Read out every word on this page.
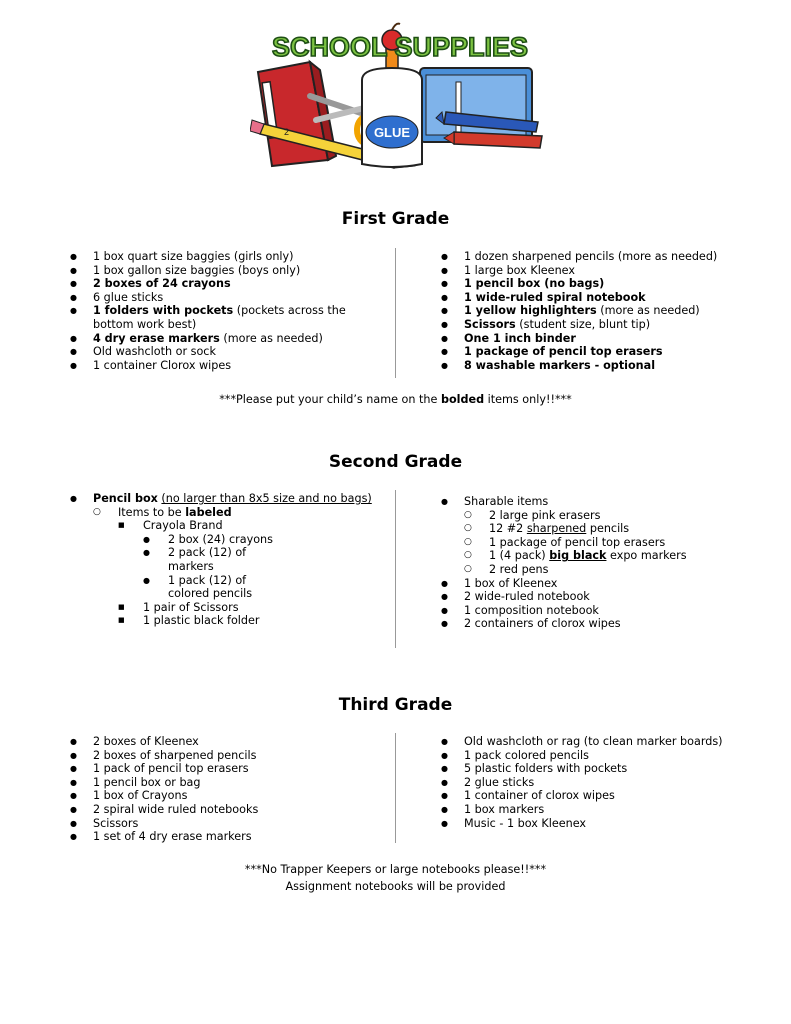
2	GLUE
SCHOOL SUPPLIES
First Grade
● 1 box quart size baggies (girls only)
● 1 box gallon size baggies (boys only)
● 2 boxes of 24 crayons
● 6 glue sticks
● 1 folders with pockets (pockets across the bottom work best)
● 4 dry erase markers (more as needed)
● Old washcloth or sock
● 1 container Clorox wipes
● 1 dozen sharpened pencils (more as needed)
● 1 large box Kleenex
● 1 pencil box (no bags)
● 1 wide-ruled spiral notebook
● 1 yellow highlighters (more as needed)
● Scissors (student size, blunt tip)
● One 1 inch binder
● 1 package of pencil top erasers
● 8 washable markers - optional
***Please put your child’s name on the bolded items only!!***
Second Grade
● Pencil box (no larger than 8x5 size and no bags)
○ Items to be labeled
■ Crayola Brand
● 2 box (24) crayons
● 2 pack (12) of markers
● 1 pack (12) of colored pencils
■ 1 pair of Scissors
■ 1 plastic black folder
● Sharable items
○ 2 large pink erasers
○ 12 #2 sharpened pencils
○ 1 package of pencil top erasers
○ 1 (4 pack) big black expo markers
○ 2 red pens
● 1 box of Kleenex
● 2 wide-ruled notebook
● 1 composition notebook
● 2 containers of clorox wipes
Third Grade
● 2 boxes of Kleenex
● 2 boxes of sharpened pencils
● 1 pack of pencil top erasers
● 1 pencil box or bag
● 1 box of Crayons
● 2 spiral wide ruled notebooks
● Scissors
● 1 set of 4 dry erase markers
● Old washcloth or rag (to clean marker boards)
● 1 pack colored pencils
● 5 plastic folders with pockets
● 2 glue sticks
● 1 container of clorox wipes
● 1 box markers
● Music - 1 box Kleenex
***No Trapper Keepers or large notebooks please!!***
Assignment notebooks will be provided
